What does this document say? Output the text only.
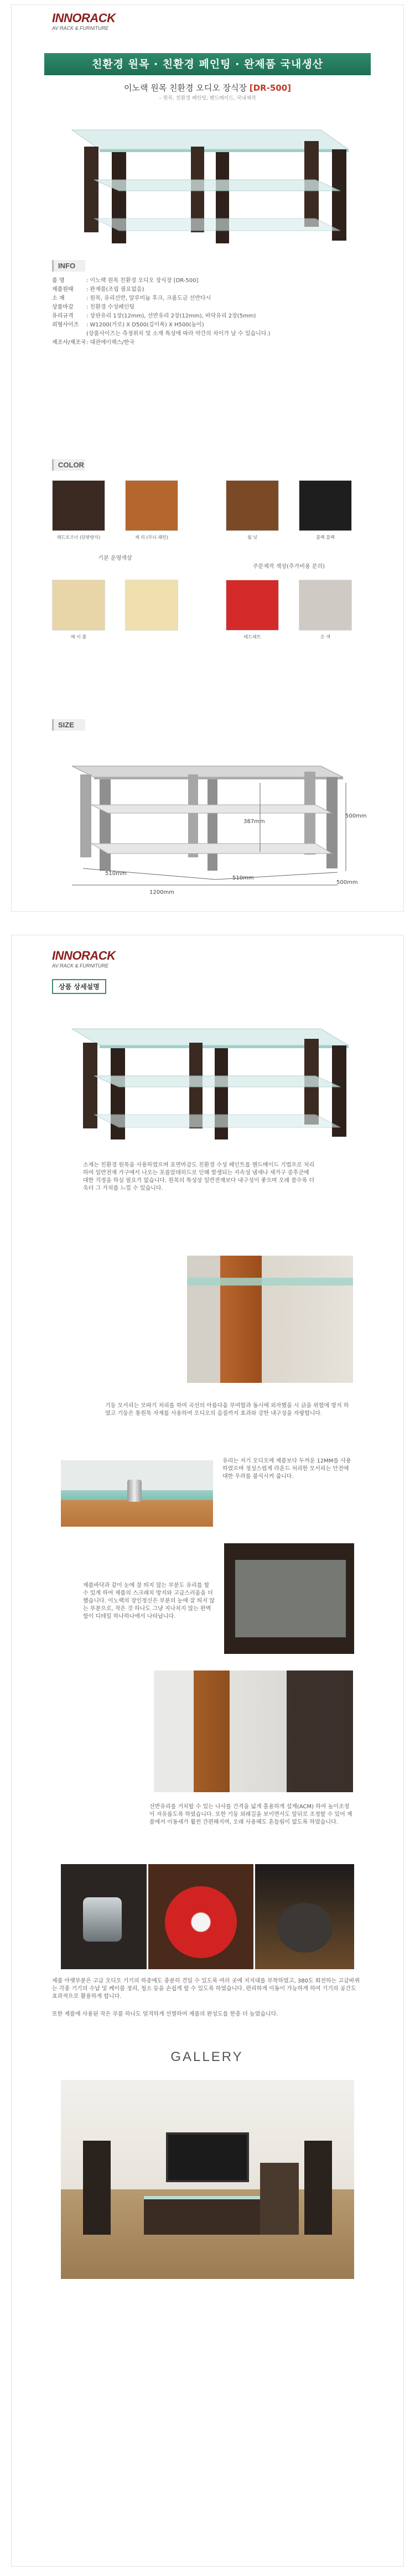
INNORACK
AV RACK & FURNITURE
친환경 원목 · 친환경 페인팅 · 완제품 국내생산
이노랙 원목 친환경 오디오 장식장 [DR-500]
– 원목, 친환경 페인팅, 핸드메이드, 국내제작
INFO
품 명	: 이노랙 원목 친환경 오디오 장식장 [DR-500]
제품원태 : 완제품(조립 필요없음)
소 재	: 원목, 유리선반, 알루미늄 후크, 크롬도금 선반다시
상품마감 : 친환경 수성페인팅
유리규격 : 상판유리 1장(12mm), 선반유리 2장(12mm), 바닥유리 2장(5mm)
외형사이즈 : W1200(가로) X D500(깊이폭) X H500(높이)
(상품사이즈는 측정위치 및 소재 특성에 따라 약간의 차이가 날 수 있습니다.)
제조사/제조국: 대관에이랙스/한국
COLOR
레드로즈너 (단판방식)	체 리 (무늬 패턴)	월 넛	블랙 블랙
기본 운영색상
주문제작 색상(추가비용 문의)
메 이 플	레드레트	은 색
SIZE
1200mm
510mm
510mm
500mm
500mm
387mm
INNORACK
AV RACK & FURNITURE
상품 상세설명
소재는 친환경 원목을 사용하였으며 표면마감도 친환경 수성 페인트를 핸드메이드 기법으로 처리하여 일반전재 가구에서 나오는 포름알데히드로 인해 발생되는 지속성 냄새나 새가구 증후군에 대한 걱정을 하실 필요가 없습니다. 원목의 특성상 일반전재보다 내구성이 좋으며 오래 쓸수록 더욱더 그 가치를 느낄 수 있습니다.
기둥 모서리는 모따기 처리를 하여 곡선의 아름다움 부여함과 동시에 외자했을 시 긁을 위험에 방지 하였고 기둥은 통원목 자재를 사용하여 오디오의 음질까지 효과와 강한 내구성을 자랑합니다.
유리는 저기 오디오에 제품보다 두꺼운 12MM를 사용하였으며 정성스럽게 라운드 처리한 모서리는 안전에 대한 우려를 불식시켜 줍니다.
제품바닥과 같이 눈에 잘 띄지 않는 부분도 유리를 할 수 있게 하여 제품의 스크래치 방지와 고급스러움을 더했습니다. 이노랙의 장인정신은 부분의 눈에 잘 띄지 않는 부분으로, 작은 것 하나도 그냥 지나치지 않는 완벽함이 디테일 하나하나에서 나타납니다.
선반유리를 거치할 수 있는 나사를 간격을 넓게 홀용하게 설계(ACM) 하여 높이조정이 자유롭도록 하였습니다. 또한 기둥 외래길을 보이면서도 앞뒤로 조정할 수 있어 제품에서 이동세가 훨씬 간편해지며, 오래 사용해도 흔들림이 없도록 하였습니다.
제품 아랫부분은 고급 오디오 기기의 하중에도 충분히 견딜 수 있도록 여러 곳에 지지대를 부착하였고, 380도 회전하는 고급바퀴는 각종 기기의 수납 및 케이블 정리, 청소 등을 손쉽게 할 수 있도록 하였습니다. 편리하게 이동이 가능하게 하여 기기의 공간도 효과적으로 활용하게 합니다.
또한 제품에 사용된 작은 부품 하나도 엄격하게 선별하여 제품의 완성도를 한층 더 높였습니다.
GALLERY
